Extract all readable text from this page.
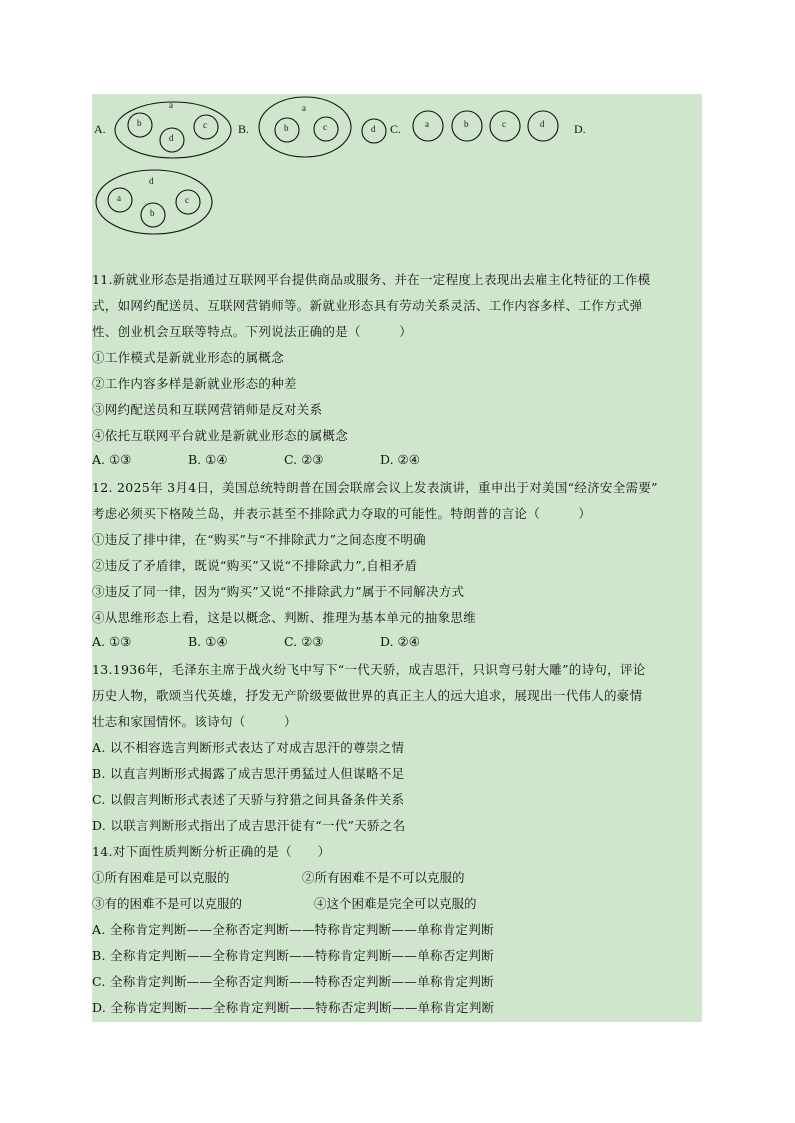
A.
a
b
d
c	B.
a
b	c	d C.	a	b	c	d D.
d
a
b
c
11.新就业形态是指通过互联网平台提供商品或服务、并在一定程度上表现出去雇主化特征的工作模
式，如网约配送员、互联网营销师等。新就业形态具有劳动关系灵活、工作内容多样、工作方式弹
性、创业机会互联等特点。下列说法正确的是（　　　）
①工作模式是新就业形态的属概念
②工作内容多样是新就业形态的种差
③网约配送员和互联网营销师是反对关系
④依托互联网平台就业是新就业形态的属概念
A. ①③	B. ①④	C. ②③	D. ②④
12. 2025年 3月4日，美国总统特朗普在国会联席会议上发表演讲，重申出于对美国“经济安全需要”
考虑必须买下格陵兰岛，并表示甚至不排除武力夺取的可能性。特朗普的言论（　　　）
①违反了排中律，在“购买”与“不排除武力”之间态度不明确
②违反了矛盾律，既说“购买”又说“不排除武力”,自相矛盾
③违反了同一律，因为“购买”又说“不排除武力”属于不同解决方式
④从思维形态上看，这是以概念、判断、推理为基本单元的抽象思维
A. ①③	B. ①④	C. ②③	D. ②④
13.1936年，毛泽东主席于战火纷飞中写下“一代天骄，成吉思汗，只识弯弓射大雕”的诗句，评论
历史人物，歌颂当代英雄，抒发无产阶级要做世界的真正主人的远大追求，展现出一代伟人的豪情
壮志和家国情怀。该诗句（　　　）
A. 以不相容选言判断形式表达了对成吉思汗的尊崇之情
B. 以直言判断形式揭露了成吉思汗勇猛过人但谋略不足
C. 以假言判断形式表述了天骄与狩猎之间具备条件关系
D. 以联言判断形式指出了成吉思汗徒有“一代”天骄之名
14.对下面性质判断分析正确的是（　　）
①所有困难是可以克服的	②所有困难不是不可以克服的
③有的困难不是可以克服的	④这个困难是完全可以克服的
A. 全称肯定判断——全称否定判断——特称肯定判断——单称肯定判断
B. 全称肯定判断——全称肯定判断——特称肯定判断——单称否定判断
C. 全称肯定判断——全称否定判断——特称否定判断——单称肯定判断
D. 全称肯定判断——全称肯定判断——特称否定判断——单称肯定判断
